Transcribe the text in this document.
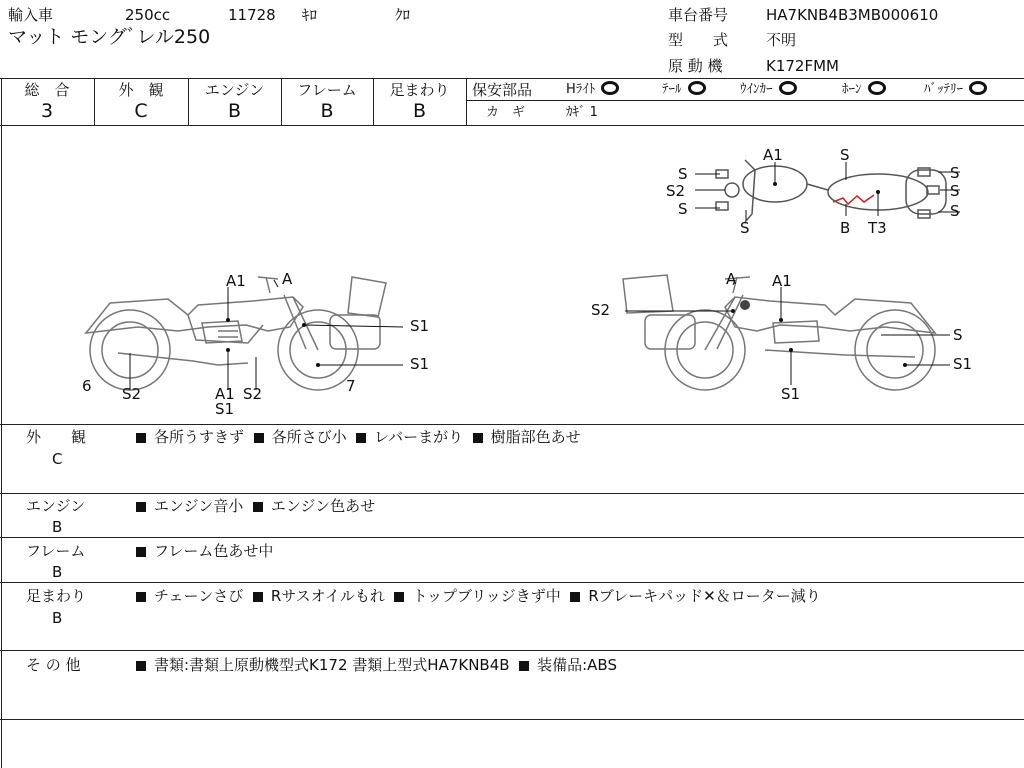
輸入車	250cc	11728 ｷﾛ	ｸﾛ
マット モングﾞレル250
車台番号	HA7KNB4B3MB000610
型　　式	不明
原 動 機	K172FMM
総　合
3
外　観
C
エンジン
B
フレーム
B
足まわり
B
保安部品	Hﾗｲﾄ	ﾃｰﾙ	ｳｲﾝｶｰ	ﾎｰﾝ	ﾊﾞｯﾃﾘｰ
カ　ギ	ｶｷﾞ 1
A1	S
S
S2
S
S
S
S
S	B T3
A1 A
S1
S1
6 S2	A1
S1
S2	7
A A1
S2
S
S1
S1
外　　観
C
各所うすきず 各所さび小 レバーまがり 樹脂部色あせ
エンジン
B
エンジン音小 エンジン色あせ
フレーム
B
フレーム色あせ中
足まわり
B
チェーンさび Rサスオイルもれ トップブリッジきず中 Rブレーキパッド✕＆ローター減り
そ の 他	書類:書類上原動機型式K172 書類上型式HA7KNB4B 装備品:ABS
